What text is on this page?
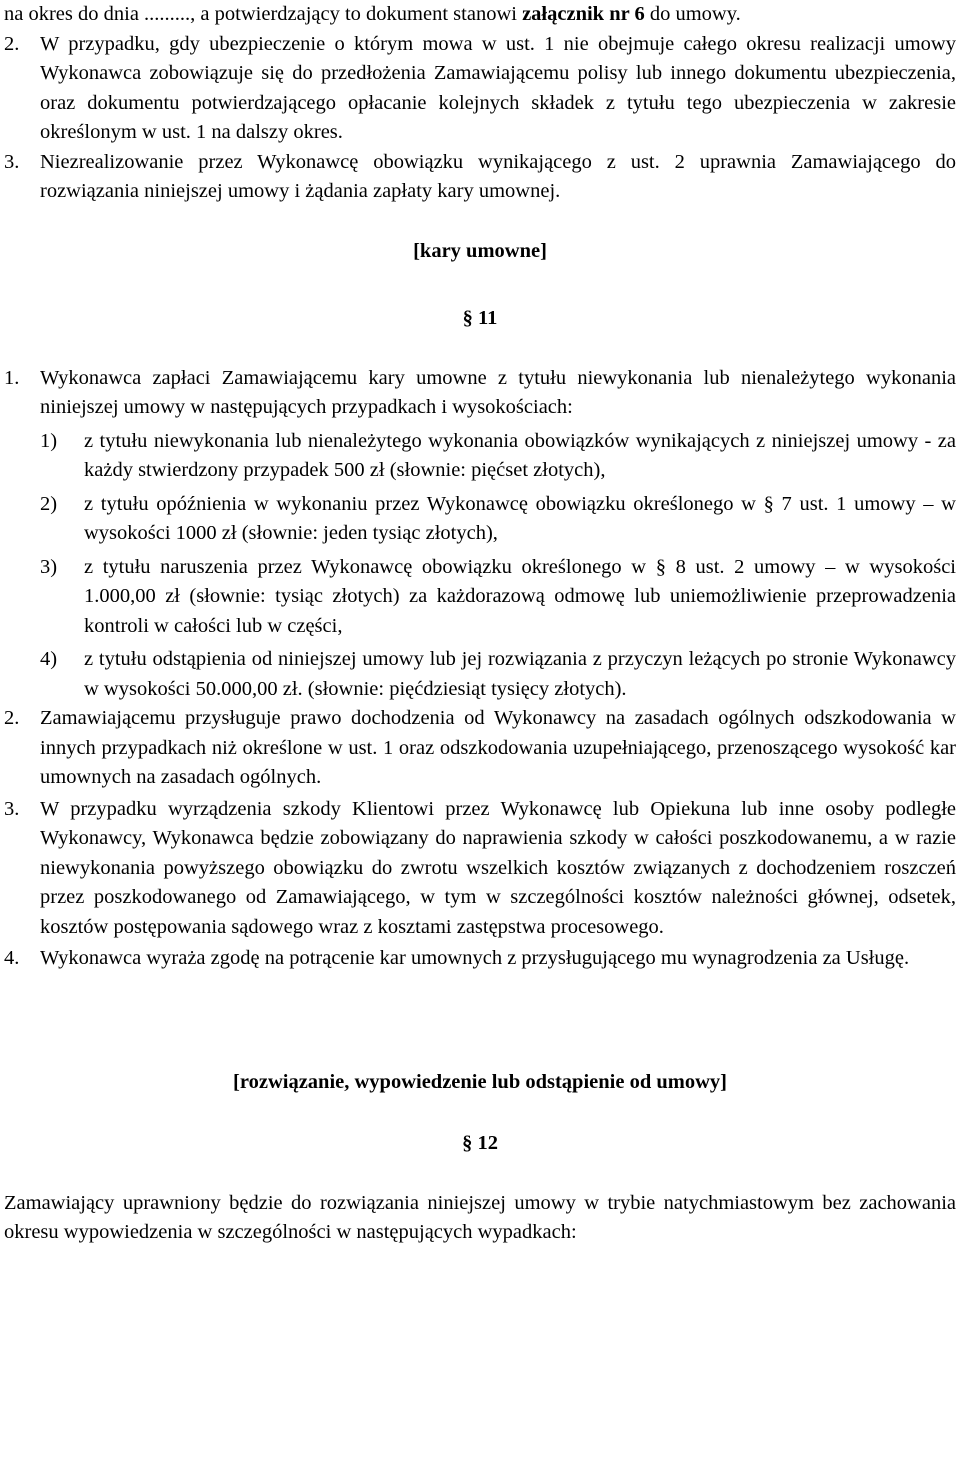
na okres do dnia ........., a potwierdzający to dokument stanowi załącznik nr 6 do umowy.

2.	W przypadku, gdy ubezpieczenie o którym mowa w ust. 1 nie obejmuje całego okresu realizacji umowy Wykonawca zobowiązuje się do przedłożenia Zamawiającemu polisy lub innego dokumentu ubezpieczenia, oraz dokumentu potwierdzającego opłacanie kolejnych składek z tytułu tego ubezpieczenia w zakresie określonym w ust. 1 na dalszy okres.
3.	Niezrealizowanie przez Wykonawcę obowiązku wynikającego z ust. 2 uprawnia Zamawiającego do rozwiązania niniejszej umowy i żądania zapłaty kary umownej.

[kary umowne]

§ 11

1.	Wykonawca zapłaci Zamawiającemu kary umowne z tytułu niewykonania lub nienależytego wykonania niniejszej umowy w następujących przypadkach i wysokościach:
1)	z tytułu niewykonania lub nienależytego wykonania obowiązków wynikających z niniejszej umowy - za każdy stwierdzony przypadek 500 zł (słownie: pięćset złotych),
2)	z tytułu opóźnienia w wykonaniu przez Wykonawcę obowiązku określonego w § 7 ust. 1 umowy – w wysokości 1000 zł (słownie: jeden tysiąc złotych),
3)	z tytułu naruszenia przez Wykonawcę obowiązku określonego w § 8 ust. 2 umowy – w wysokości 1.000,00 zł (słownie: tysiąc złotych) za każdorazową odmowę lub uniemożliwienie przeprowadzenia kontroli w całości lub w części,
4)	z tytułu odstąpienia od niniejszej umowy lub jej rozwiązania z przyczyn leżących po stronie Wykonawcy w wysokości 50.000,00 zł. (słownie: pięćdziesiąt tysięcy złotych).
2.	Zamawiającemu przysługuje prawo dochodzenia od Wykonawcy na zasadach ogólnych odszkodowania w innych przypadkach niż określone w ust. 1 oraz odszkodowania uzupełniającego, przenoszącego wysokość kar umownych na zasadach ogólnych.
3.	W przypadku wyrządzenia szkody Klientowi przez Wykonawcę lub Opiekuna lub inne osoby podległe Wykonawcy, Wykonawca będzie zobowiązany do naprawienia szkody w całości poszkodowanemu, a w razie niewykonania powyższego obowiązku do zwrotu wszelkich kosztów związanych z dochodzeniem roszczeń przez poszkodowanego od Zamawiającego, w tym w szczególności kosztów należności głównej, odsetek, kosztów postępowania sądowego wraz z kosztami zastępstwa procesowego.
4.	Wykonawca wyraża zgodę na potrącenie kar umownych z przysługującego mu wynagrodzenia za Usługę.

[rozwiązanie, wypowiedzenie lub odstąpienie od umowy]

§ 12

Zamawiający uprawniony będzie do rozwiązania niniejszej umowy w trybie natychmiastowym bez zachowania okresu wypowiedzenia w szczególności w następujących wypadkach:
